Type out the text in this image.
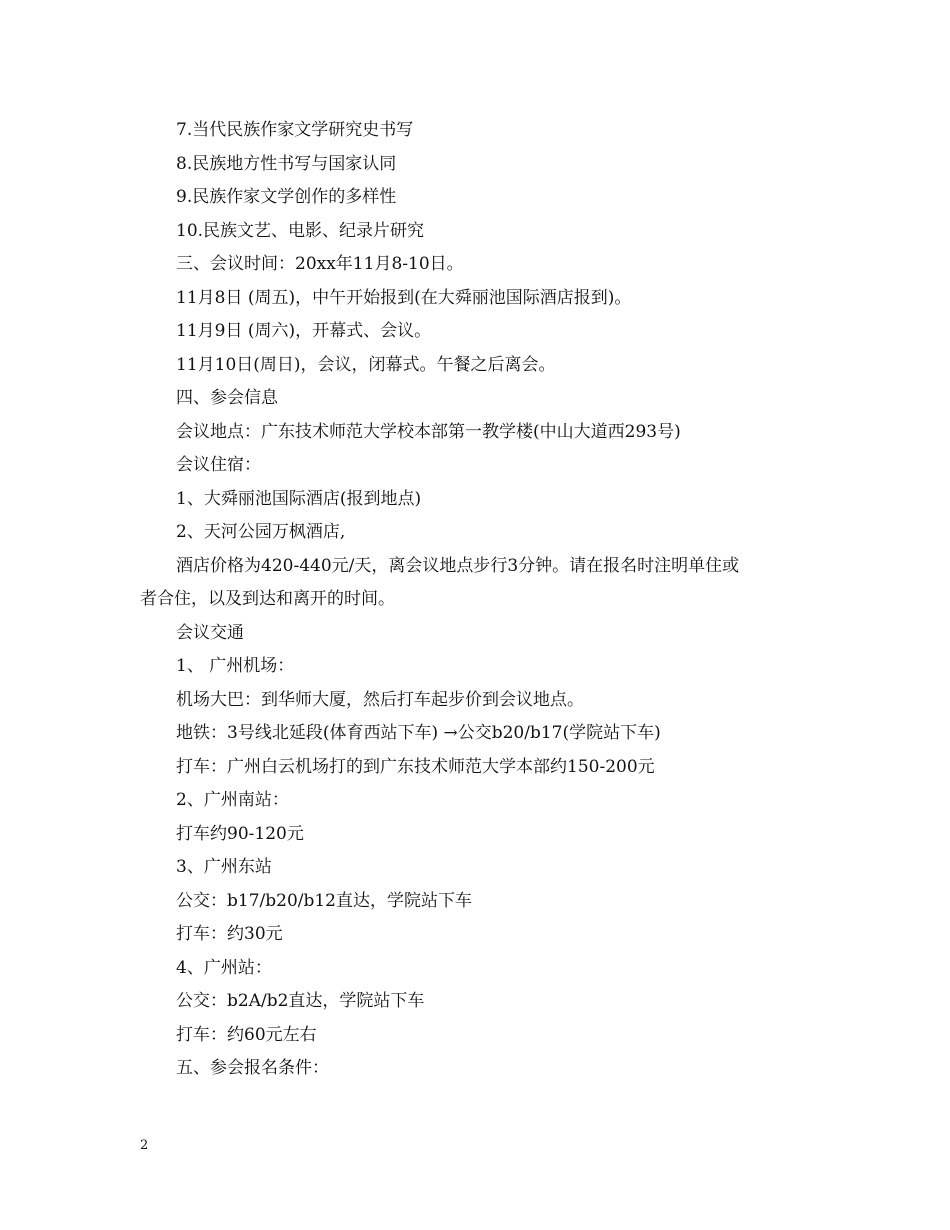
7.当代民族作家文学研究史书写
8.民族地方性书写与国家认同
9.民族作家文学创作的多样性
10.民族文艺、电影、纪录片研究
三、会议时间：20xx年11月8-10日。
11月8日 (周五)，中午开始报到(在大舜丽池国际酒店报到)。
11月9日 (周六)，开幕式、会议。
11月10日(周日)，会议，闭幕式。午餐之后离会。
四、参会信息
会议地点：广东技术师范大学校本部第一教学楼(中山大道西293号)
会议住宿：
1、大舜丽池国际酒店(报到地点)
2、天河公园万枫酒店,
酒店价格为420-440元/天，离会议地点步行3分钟。请在报名时注明单住或
者合住，以及到达和离开的时间。
会议交通
1、 广州机场：
机场大巴：到华师大厦，然后打车起步价到会议地点。
地铁：3号线北延段(体育西站下车) →公交b20/b17(学院站下车)
打车：广州白云机场打的到广东技术师范大学本部约150-200元
2、广州南站：
打车约90-120元
3、广州东站
公交：b17/b20/b12直达，学院站下车
打车：约30元
4、广州站：
公交：b2A/b2直达，学院站下车
打车：约60元左右
五、参会报名条件：
2
